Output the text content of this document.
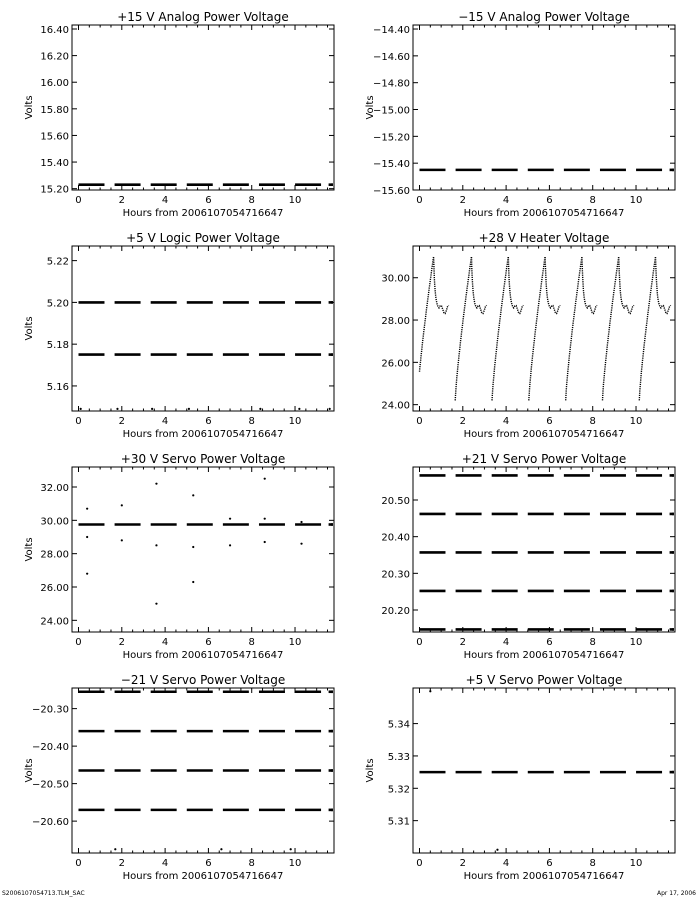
+15 V Analog Power Voltage
Hours from 2006107054716647
Volts
0	2	4	6	8	10
15.20
15.40
15.60
15.80
16.00
16.20
16.40
−15 V Analog Power Voltage
Hours from 2006107054716647
Volts
0	2	4	6	8	10
−15.60
−15.40
−15.20
−15.00
−14.80
−14.60
−14.40
+5 V Logic Power Voltage
Hours from 2006107054716647
Volts
0	2	4	6	8	10
5.16
5.18
5.20
5.22
+28 V Heater Voltage
Hours from 2006107054716647
0	2	4	6	8	10
24.00
26.00
28.00
30.00
+30 V Servo Power Voltage
Hours from 2006107054716647
Volts
0	2	4	6	8	10
24.00
26.00
28.00
30.00
32.00
+21 V Servo Power Voltage
Hours from 2006107054716647
0	2	4	6	8	10
20.20
20.30
20.40
20.50
−21 V Servo Power Voltage
Hours from 2006107054716647
Volts
0	2	4	6	8	10
−20.60
−20.50
−20.40
−20.30
+5 V Servo Power Voltage
Hours from 2006107054716647
Volts
0	2	4	6	8	10
5.31
5.32
5.33
5.34
S2006107054713.TLM_SAC	Apr 17, 2006
